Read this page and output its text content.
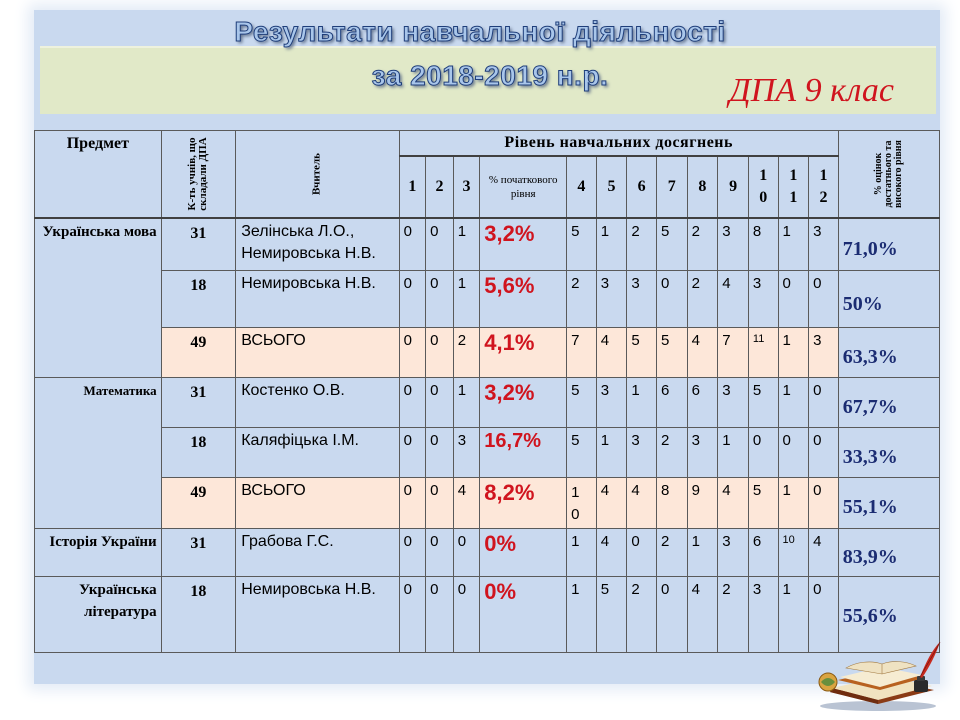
Результати навчальної діяльності
за 2018-2019 н.р.	ДПА 9 клас
Предмет	К-ть учнів, що складали ДПА	Вчитель	Рівень навчальних досягнень													% оцінок достатнього та високого рівня

			1	2	3	% початкового рівня	4	5	6	7	8	9	10	11	12	
Українська мова	31	Зелінська Л.О., Немировська Н.В.	0	0	1	3,2%	5	1	2	5	2	3	8	1	3	71,0%
	18	Немировська Н.В.	0	0	1	5,6%	2	3	3	0	2	4	3	0	0	50%
	49	ВСЬОГО	0	0	2	4,1%	7	4	5	5	4	7	11	1	3	63,3%
Математика	31	Костенко О.В.	0	0	1	3,2%	5	3	1	6	6	3	5	1	0	67,7%
	18	Каляфіцька І.М.	0	0	3	16,7%	5	1	3	2	3	1	0	0	0	33,3%
	49	ВСЬОГО	0	0	4	8,2%	10	4	4	8	9	4	5	1	0	55,1%
Історія України	31	Грабова Г.С.	0	0	0	0%	1	4	0	2	1	3	6	10	4	83,9%
Українська література	18	Немировська Н.В.	0	0	0	0%	1	5	2	0	4	2	3	1	0	55,6%
